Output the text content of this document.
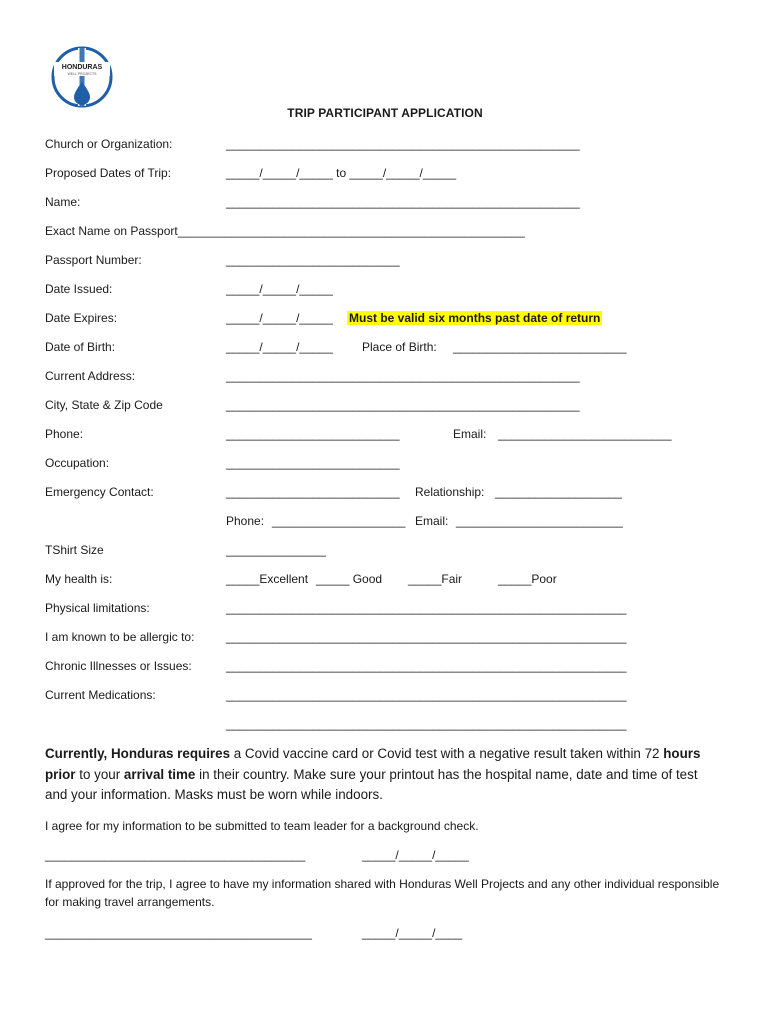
HONDURAS
WELL PROJECTS
TRIP PARTICIPANT APPLICATION
Church or Organization:	_____________________________________________________
Proposed Dates of Trip:	_____/_____/_____ to _____/_____/_____
Name:	_____________________________________________________
Exact Name on Passport____________________________________________________
Passport Number:	__________________________
Date Issued:	_____/_____/_____
Date Expires:	_____/_____/_____ Must be valid six months past date of return
Date of Birth:	_____/_____/_____ Place of Birth: __________________________
Current Address:	_____________________________________________________
City, State & Zip Code	_____________________________________________________
Phone:	__________________________	Email: __________________________
Occupation:	__________________________
Emergency Contact:	__________________________ Relationship: ___________________
Phone: ____________________ Email: _________________________
TShirt Size	_______________
My health is:	_____Excellent _____ Good _____Fair	_____Poor
Physical limitations:	____________________________________________________________
I am known to be allergic to:	____________________________________________________________
Chronic Illnesses or Issues:	____________________________________________________________
Current Medications:	____________________________________________________________
____________________________________________________________
Currently, Honduras requires a Covid vaccine card or Covid test with a negative result taken within 72 hours prior to your arrival time in their country. Make sure your printout has the hospital name, date and time of test and your information. Masks must be worn while indoors.
I agree for my information to be submitted to team leader for a background check.
_______________________________________	_____/_____/_____
If approved for the trip, I agree to have my information shared with Honduras Well Projects and any other individual responsible for making travel arrangements.
________________________________________	_____/_____/____
